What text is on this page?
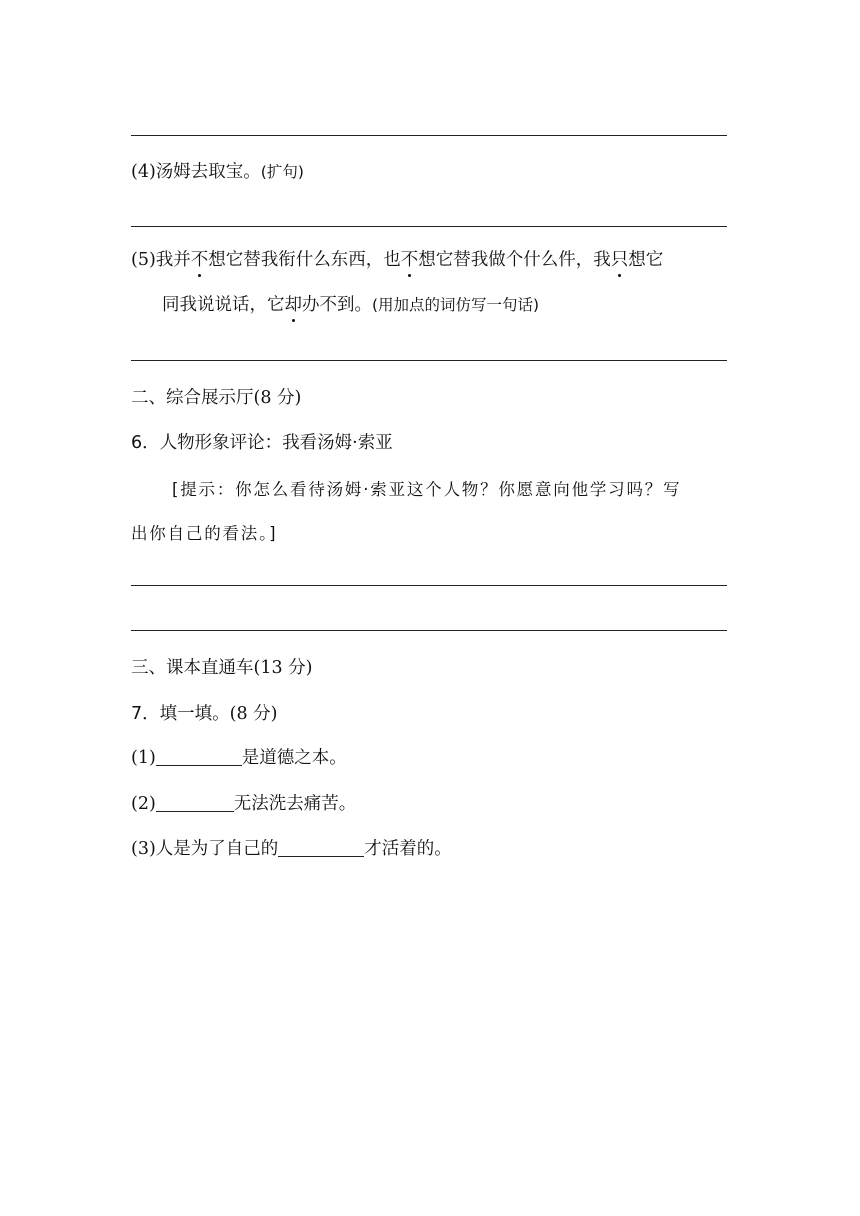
(4)汤姆去取宝。(扩句)
(5)我并不想它替我衔什么东西，也不想它替我做个什么件，我只想它
同我说说话，它却办不到。(用加点的词仿写一句话)
二、综合展示厅(8 分)
6．人物形象评论：我看汤姆·索亚
[提示：你怎么看待汤姆·索亚这个人物？你愿意向他学习吗？写
出你自己的看法。]
三、课本直通车(13 分)
7．填一填。(8 分)
(1)	是道德之本。
(2)	无法洗去痛苦。
(3)人是为了自己的	才活着的。
